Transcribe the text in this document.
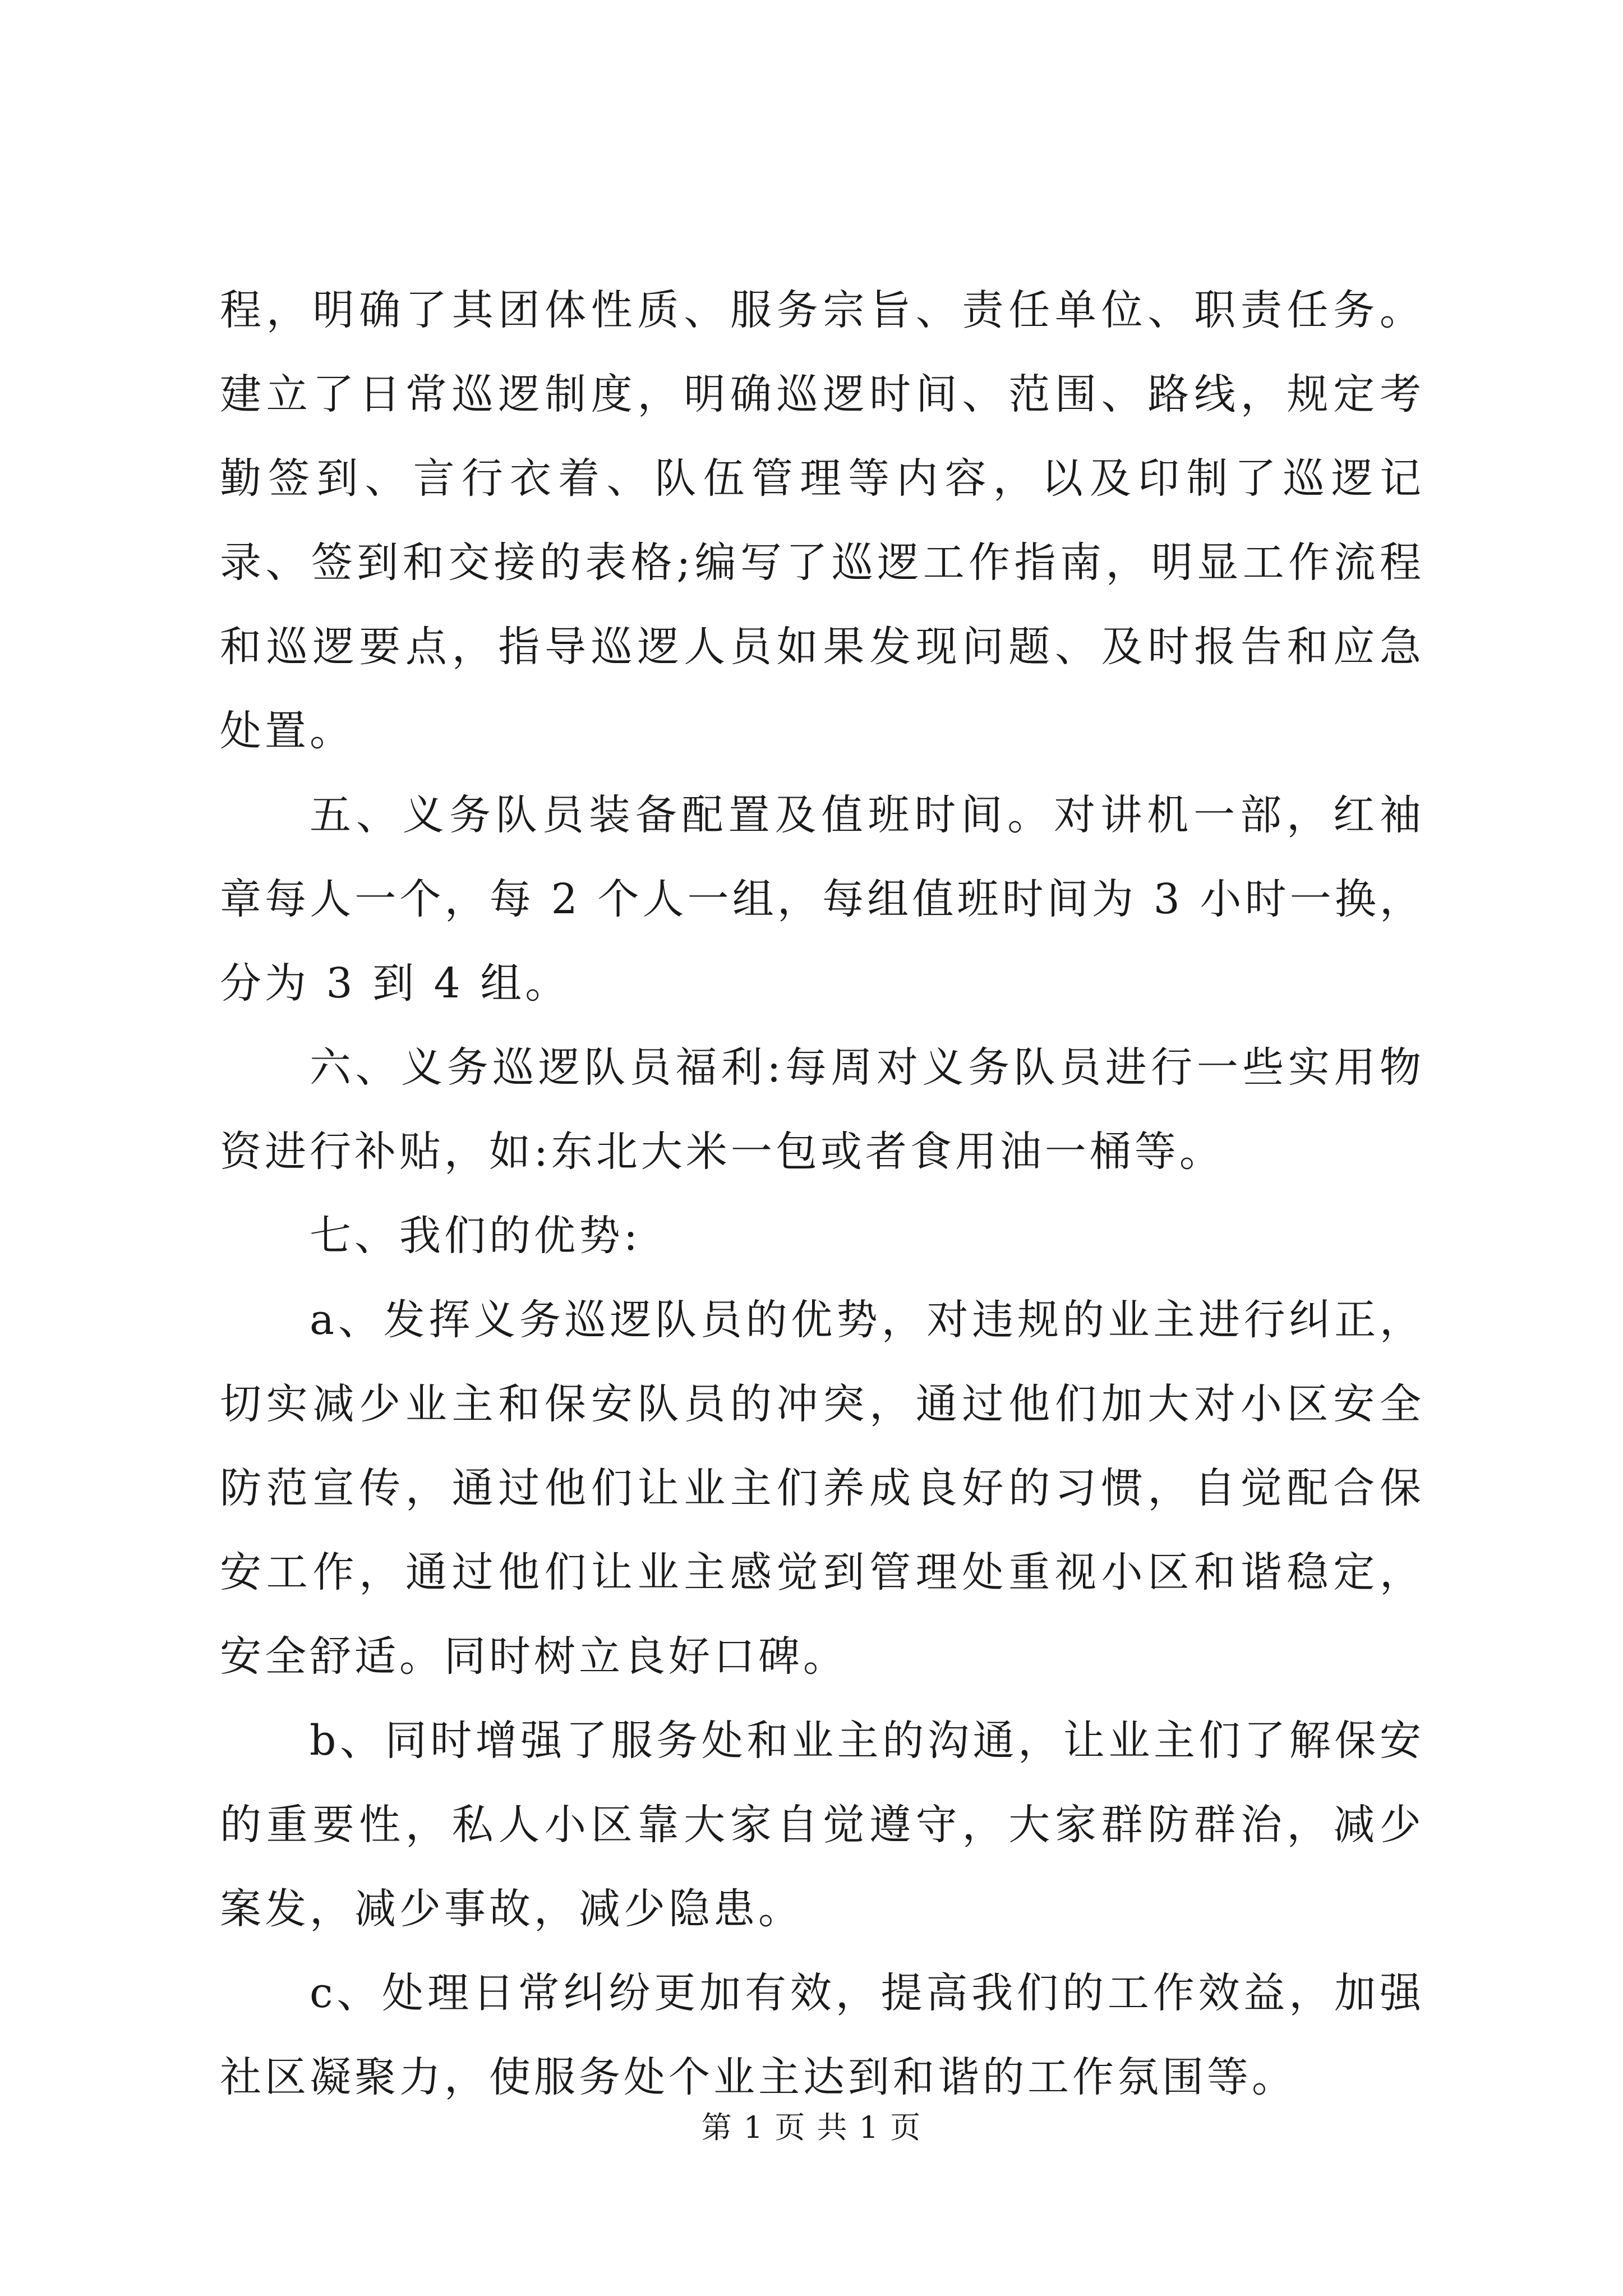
程，明确了其团体性质、服务宗旨、责任单位、职责任务。建立了日常巡逻制度，明确巡逻时间、范围、路线，规定考勤签到、言行衣着、队伍管理等内容，以及印制了巡逻记录、签到和交接的表格;编写了巡逻工作指南，明显工作流程和巡逻要点，指导巡逻人员如果发现问题、及时报告和应急处置。

五、义务队员装备配置及值班时间。对讲机一部，红袖章每人一个，每 2 个人一组，每组值班时间为 3 小时一换，分为 3 到 4 组。

六、义务巡逻队员福利:每周对义务队员进行一些实用物资进行补贴，如:东北大米一包或者食用油一桶等。

七、我们的优势:

a、发挥义务巡逻队员的优势，对违规的业主进行纠正，切实减少业主和保安队员的冲突，通过他们加大对小区安全防范宣传，通过他们让业主们养成良好的习惯，自觉配合保安工作，通过他们让业主感觉到管理处重视小区和谐稳定，安全舒适。同时树立良好口碑。

b、同时增强了服务处和业主的沟通，让业主们了解保安的重要性，私人小区靠大家自觉遵守，大家群防群治，减少案发，减少事故，减少隐患。

c、处理日常纠纷更加有效，提高我们的工作效益，加强社区凝聚力，使服务处个业主达到和谐的工作氛围等。

第 1 页 共 1 页
